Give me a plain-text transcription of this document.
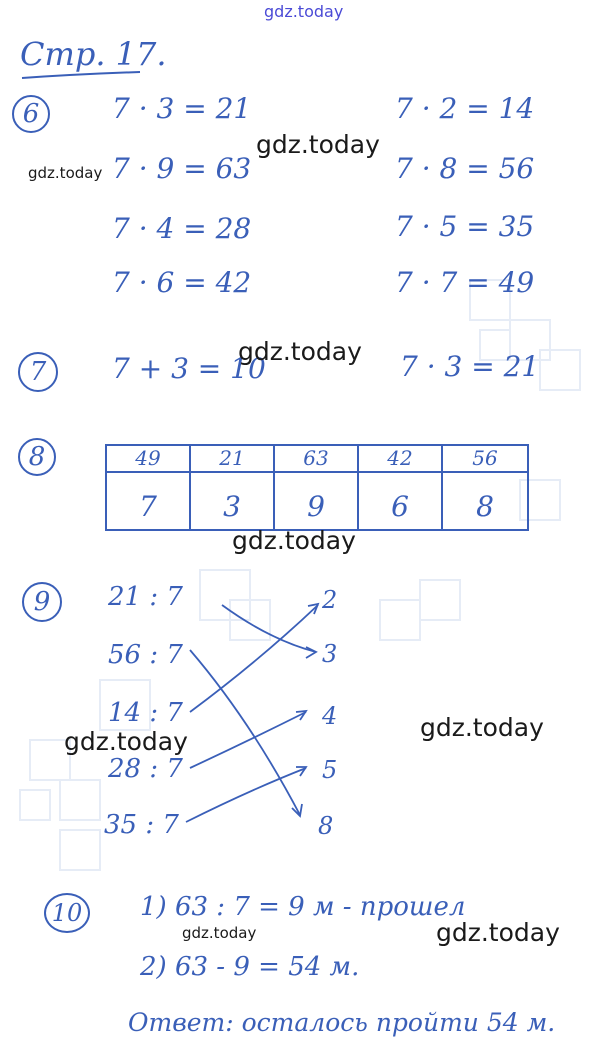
gdz.today
Стр. 17.
6	7 · 3 = 21
7 · 9 = 63
7 · 4 = 28
7 · 6 = 42
7 · 2 = 14
7 · 8 = 56
7 · 5 = 35
7 · 7 = 49
gdz.today
gdz.today
7 7 + 3 = 10	7 · 3 = 21
gdz.today
8	49	21	63	42	56
7	3	9	6	8
gdz.today
9 21 : 7
56 : 7
14 : 7
28 : 7
35 : 7
2
3
4
5
8
gdz.today
gdz.today
10 1) 63 : 7 = 9 м - прошел
2) 63 - 9 = 54 м.
Ответ: осталось пройти 54 м.
gdz.today	gdz.today
